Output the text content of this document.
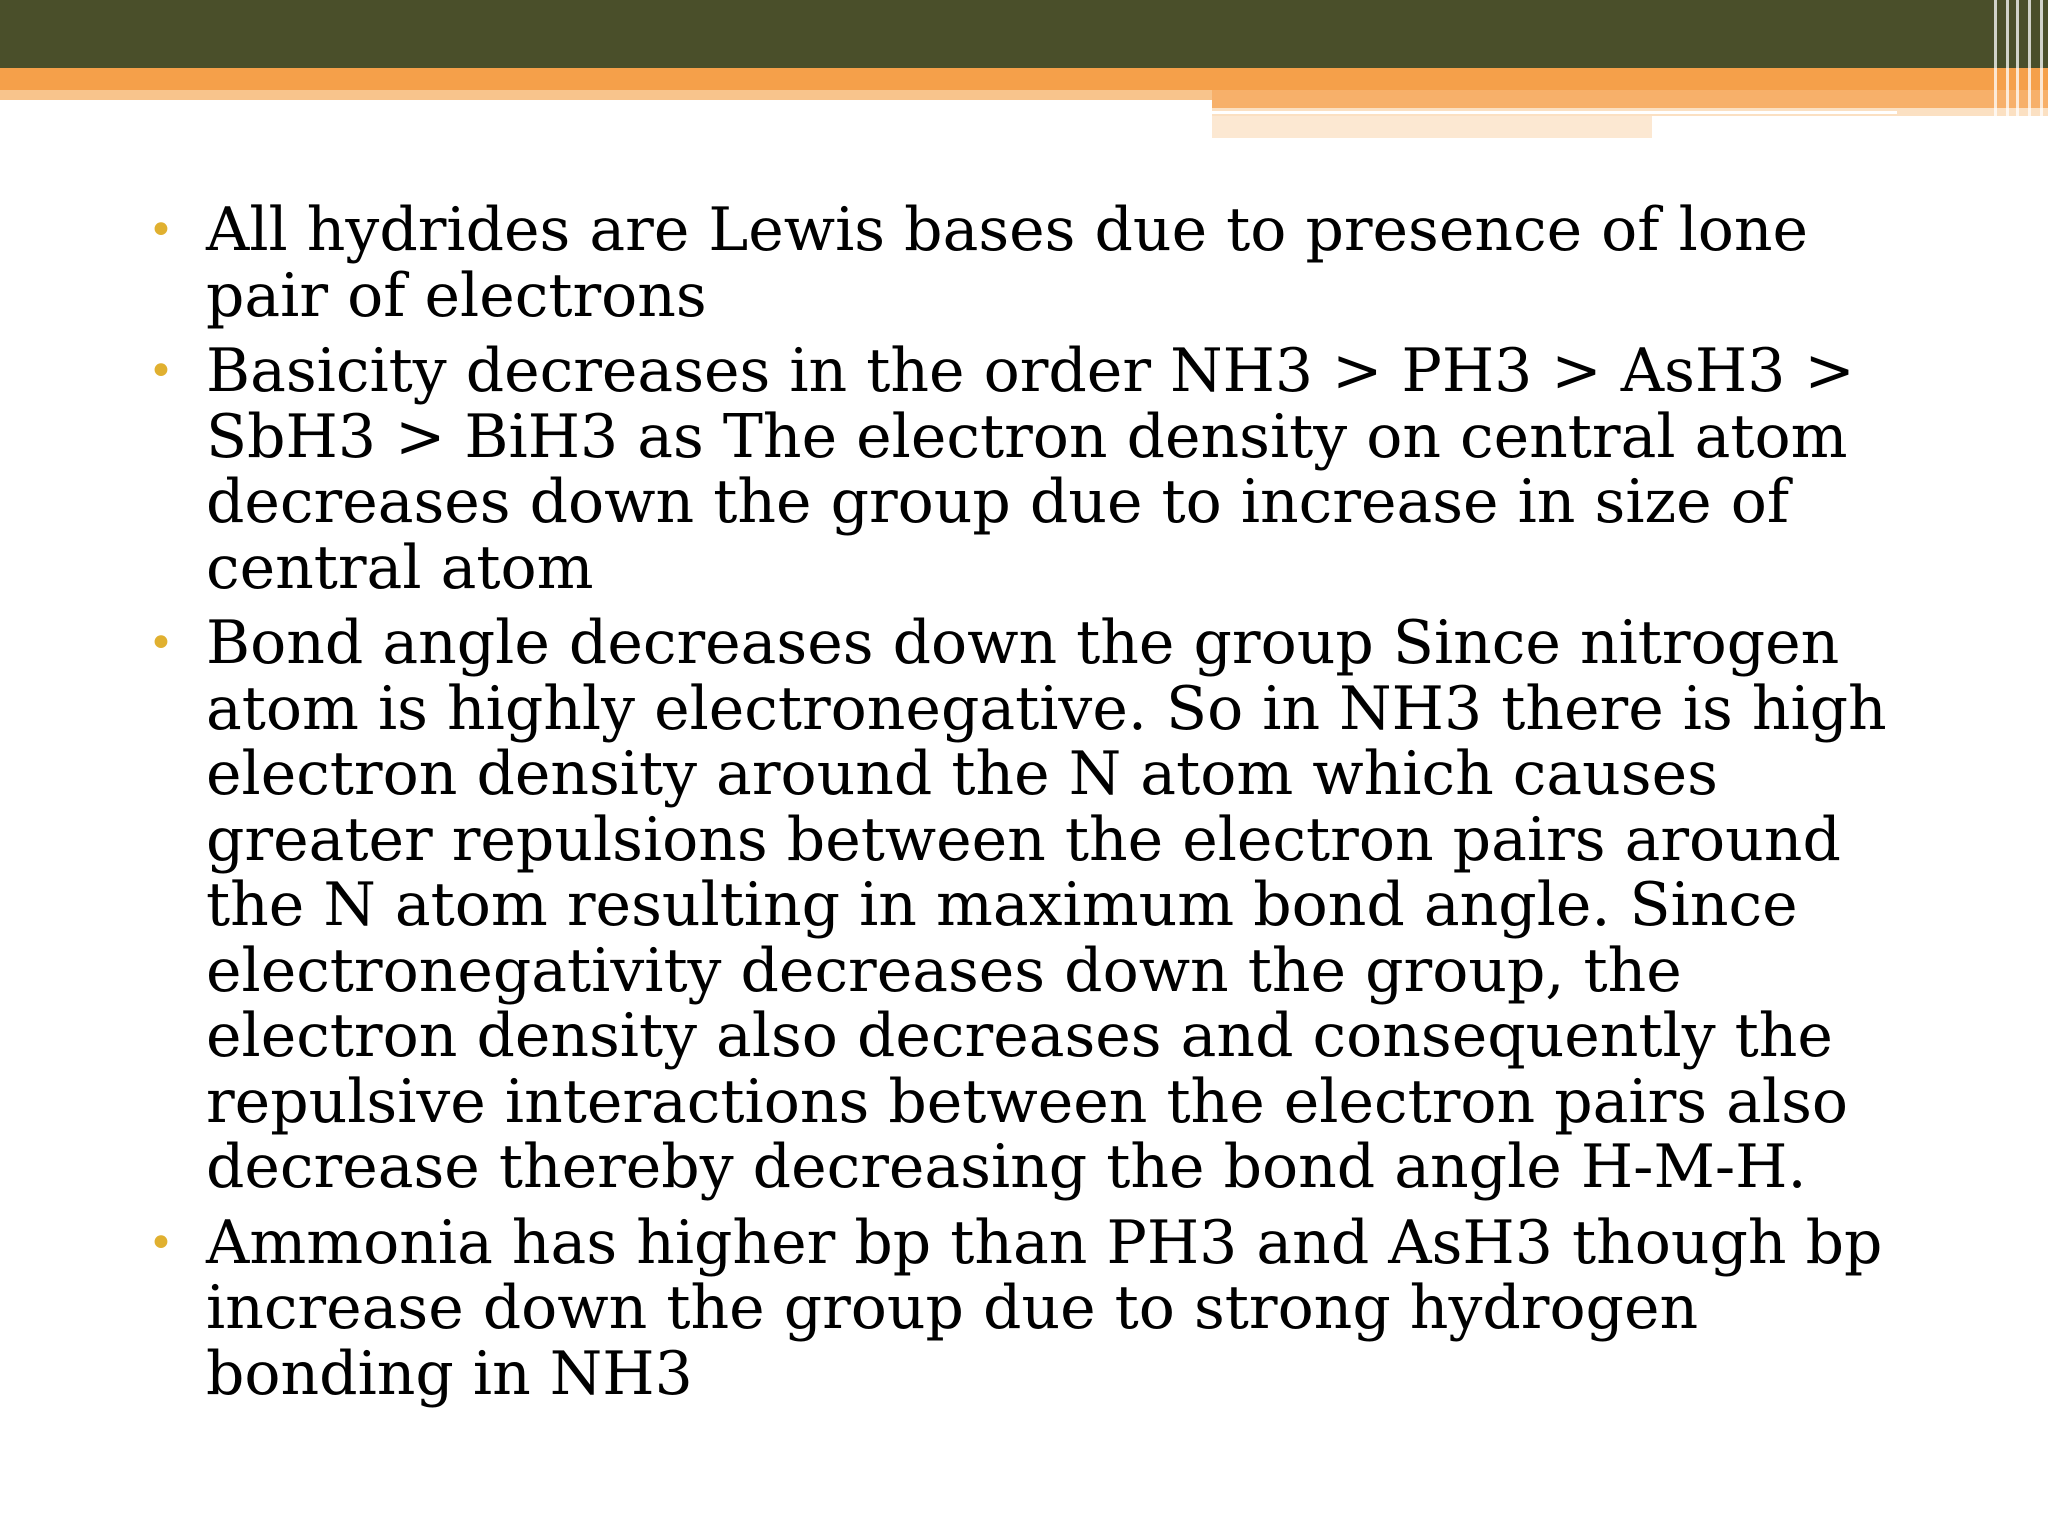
• All hydrides are Lewis bases due to presence of lone pair of electrons
• Basicity decreases in the order NH3 > PH3 > AsH3 > SbH3 > BiH3 as The electron density on central atom decreases down the group due to increase in size of central atom
• Bond angle decreases down the group Since nitrogen atom is highly electronegative. So in NH3 there is high electron density around the N atom which causes greater repulsions between the electron pairs around the N atom resulting in maximum bond angle. Since electronegativity decreases down the group, the electron density also decreases and consequently the repulsive interactions between the electron pairs also decrease thereby decreasing the bond angle H-M-H.
• Ammonia has higher bp than PH3 and AsH3 though bp increase down the group due to strong hydrogen bonding in NH3
